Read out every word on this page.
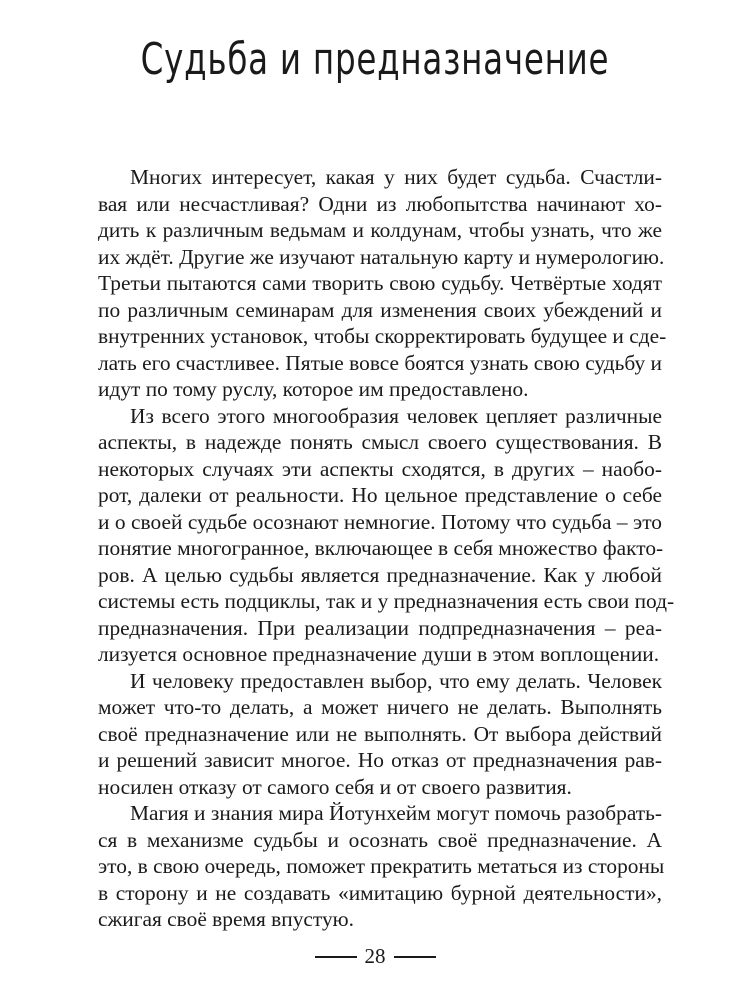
Судьба и предназначение
Многих интересует, какая у них будет судьба. Счастли-
вая или несчастливая? Одни из любопытства начинают хо-
дить к различным ведьмам и колдунам, чтобы узнать, что же
их ждёт. Другие же изучают натальную карту и нумерологию.
Третьи пытаются сами творить свою судьбу. Четвёртые ходят
по различным семинарам для изменения своих убеждений и
внутренних установок, чтобы скорректировать будущее и сде-
лать его счастливее. Пятые вовсе боятся узнать свою судьбу и
идут по тому руслу, которое им предоставлено.
Из всего этого многообразия человек цепляет различные
аспекты, в надежде понять смысл своего существования. В
некоторых случаях эти аспекты сходятся, в других – наобо-
рот, далеки от реальности. Но цельное представление о себе
и о своей судьбе осознают немногие. Потому что судьба – это
понятие многогранное, включающее в себя множество факто-
ров. А целью судьбы является предназначение. Как у любой
системы есть подциклы, так и у предназначения есть свои под-
предназначения. При реализации подпредназначения – реа-
лизуется основное предназначение души в этом воплощении.
И человеку предоставлен выбор, что ему делать. Человек
может что-то делать, а может ничего не делать. Выполнять
своё предназначение или не выполнять. От выбора действий
и решений зависит многое. Но отказ от предназначения рав-
носилен отказу от самого себя и от своего развития.
Магия и знания мира Йотунхейм могут помочь разобрать-
ся в механизме судьбы и осознать своё предназначение. А
это, в свою очередь, поможет прекратить метаться из стороны
в сторону и не создавать «имитацию бурной деятельности»,
сжигая своё время впустую.
28
